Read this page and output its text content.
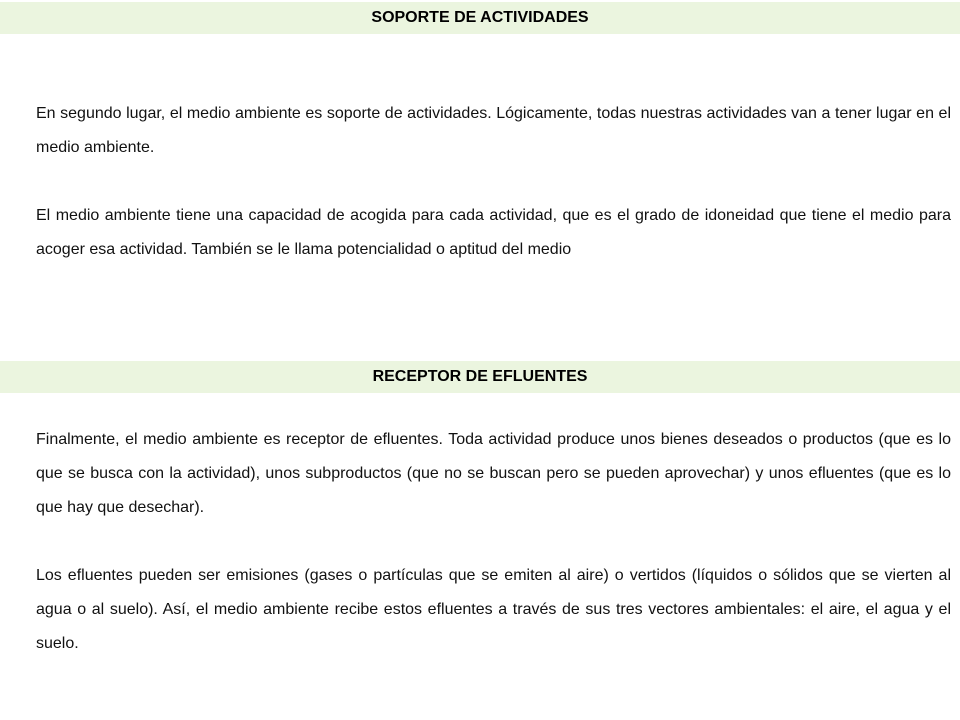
SOPORTE DE ACTIVIDADES

En segundo lugar, el medio ambiente es soporte de actividades. Lógicamente, todas nuestras actividades van a tener lugar en el medio ambiente.

El medio ambiente tiene una capacidad de acogida para cada actividad, que es el grado de idoneidad que tiene el medio para acoger esa actividad. También se le llama potencialidad o aptitud del medio

RECEPTOR DE EFLUENTES

Finalmente, el medio ambiente es receptor de efluentes. Toda actividad produce unos bienes deseados o productos (que es lo que se busca con la actividad), unos subproductos (que no se buscan pero se pueden aprovechar) y unos efluentes (que es lo que hay que desechar).

Los efluentes pueden ser emisiones (gases o partículas que se emiten al aire) o vertidos (líquidos o sólidos que se vierten al agua o al suelo). Así, el medio ambiente recibe estos efluentes a través de sus tres vectores ambientales: el aire, el agua y el suelo.
